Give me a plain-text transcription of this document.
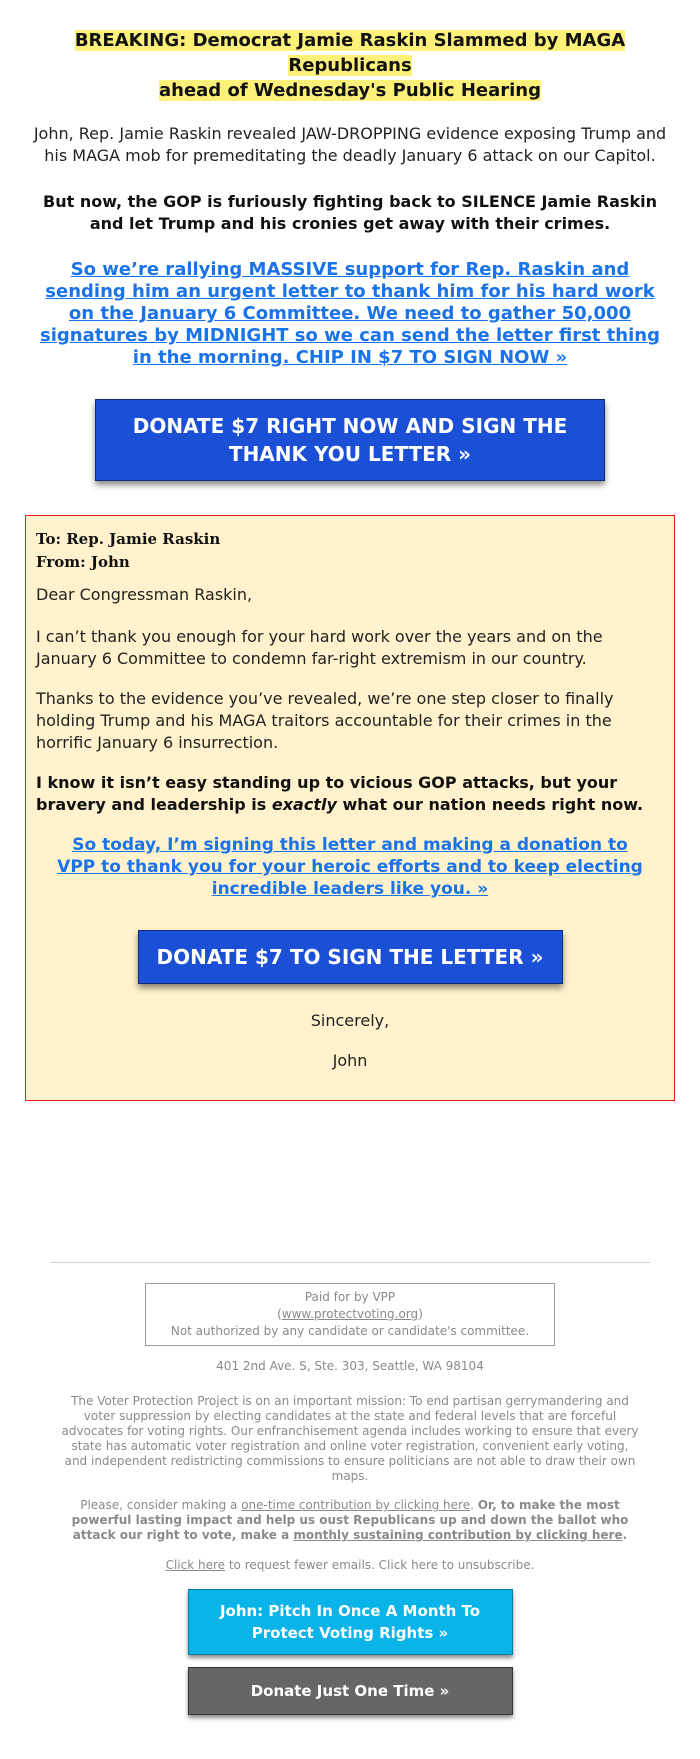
BREAKING: Democrat Jamie Raskin Slammed by MAGA Republicans
ahead of Wednesday's Public Hearing

John, Rep. Jamie Raskin revealed JAW-DROPPING evidence exposing Trump and his MAGA mob for premeditating the deadly January 6 attack on our Capitol.

But now, the GOP is furiously fighting back to SILENCE Jamie Raskin and let Trump and his cronies get away with their crimes.

So we’re rallying MASSIVE support for Rep. Raskin and sending him an urgent letter to thank him for his hard work on the January 6 Committee. We need to gather 50,000 signatures by MIDNIGHT so we can send the letter first thing in the morning. CHIP IN $7 TO SIGN NOW »
DONATE $7 RIGHT NOW AND SIGN THE THANK YOU LETTER »
To: Rep. Jamie Raskin
From: John

Dear Congressman Raskin,

I can’t thank you enough for your hard work over the years and on the January 6 Committee to condemn far-right extremism in our country.

Thanks to the evidence you’ve revealed, we’re one step closer to finally holding Trump and his MAGA traitors accountable for their crimes in the horrific January 6 insurrection.

I know it isn’t easy standing up to vicious GOP attacks, but your bravery and leadership is exactly what our nation needs right now.

So today, I’m signing this letter and making a donation to VPP to thank you for your heroic efforts and to keep electing incredible leaders like you. »
DONATE $7 TO SIGN THE LETTER »

Sincerely,

John

Paid for by VPP
(www.protectvoting.org)
Not authorized by any candidate or candidate's committee.
401 2nd Ave. S, Ste. 303, Seattle, WA 98104
The Voter Protection Project is on an important mission: To end partisan gerrymandering and voter suppression by electing candidates at the state and federal levels that are forceful advocates for voting rights. Our enfranchisement agenda includes working to ensure that every state has automatic voter registration and online voter registration, convenient early voting, and independent redistricting commissions to ensure politicians are not able to draw their own maps.
Please, consider making a one-time contribution by clicking here. Or, to make the most powerful lasting impact and help us oust Republicans up and down the ballot who attack our right to vote, make a monthly sustaining contribution by clicking here.
Click here to request fewer emails. Click here to unsubscribe.
John: Pitch In Once A Month To Protect Voting Rights »
Donate Just One Time »
